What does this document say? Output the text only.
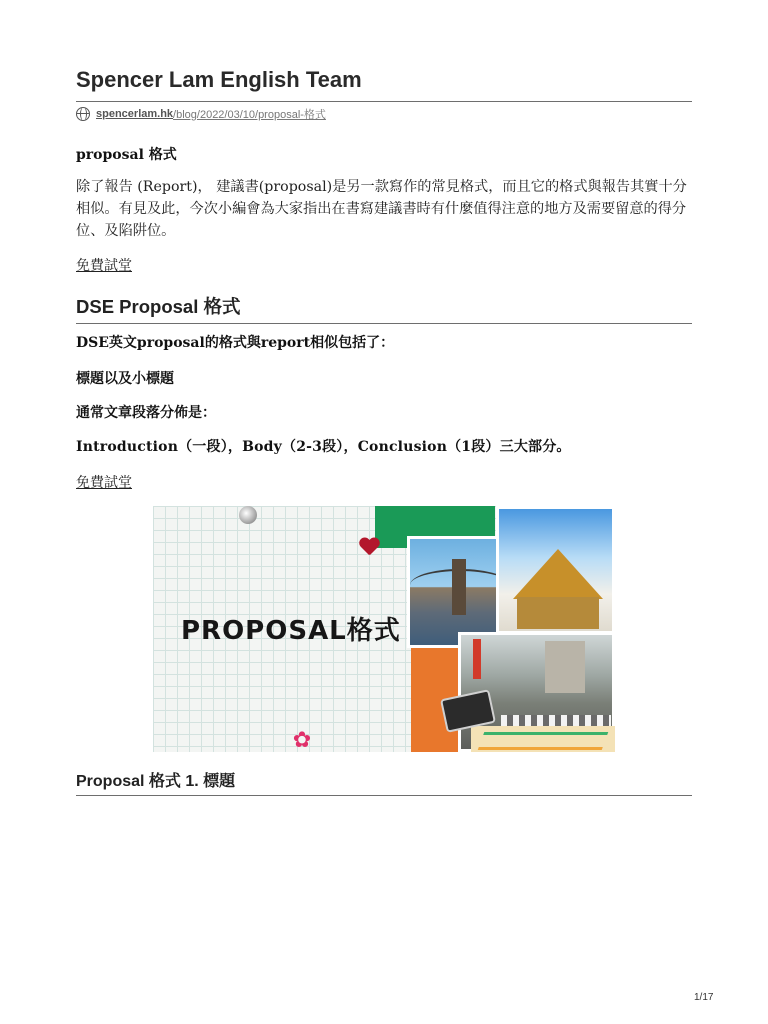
Spencer Lam English Team
spencerlam.hk /blog/2022/03/10/proposal-格式

proposal 格式

除了報告 (Report)， 建議書(proposal)是另一款寫作的常見格式，而且它的格式與報告其實十分相似。有見及此，今次小編會為大家指出在書寫建議書時有什麼值得注意的地方及需要留意的得分位、及陷阱位。

免費試堂
DSE Proposal 格式

DSE英文proposal的格式與report相似包括了：

標題以及小標題

通常文章段落分佈是：

Introduction（一段），Body（2-3段），Conclusion（1段）三大部分。

免費試堂
PROPOSAL格式
✿
Proposal 格式 1. 標題
1/17
